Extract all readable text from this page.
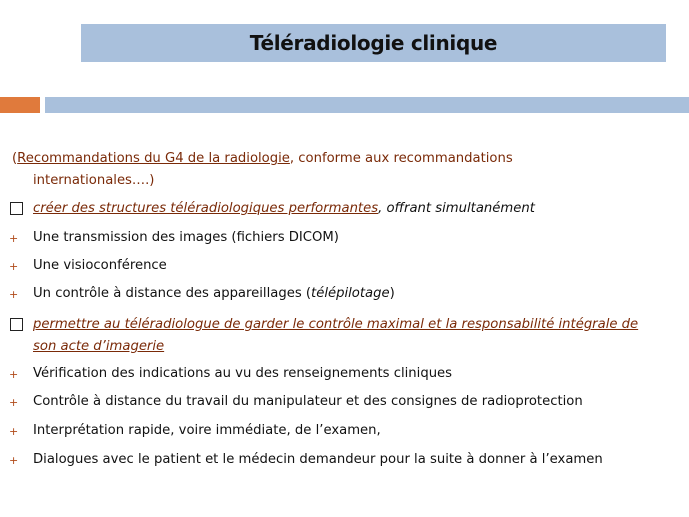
Téléradiologie clinique
(Recommandations du G4 de la radiologie, conforme aux recommandations
internationales….)
créer des structures téléradiologiques performantes, offrant simultanément
+ Une transmission des images (fichiers DICOM)
+ Une visioconférence
+ Un contrôle à distance des appareillages (télépilotage)
permettre au téléradiologue de garder le contrôle maximal et la responsabilité intégrale de
son acte d’imagerie
+ Vérification des indications au vu des renseignements cliniques
+ Contrôle à distance du travail du manipulateur et des consignes de radioprotection
+ Interprétation rapide, voire immédiate, de l’examen,
+ Dialogues avec le patient et le médecin demandeur pour la suite à donner à l’examen
